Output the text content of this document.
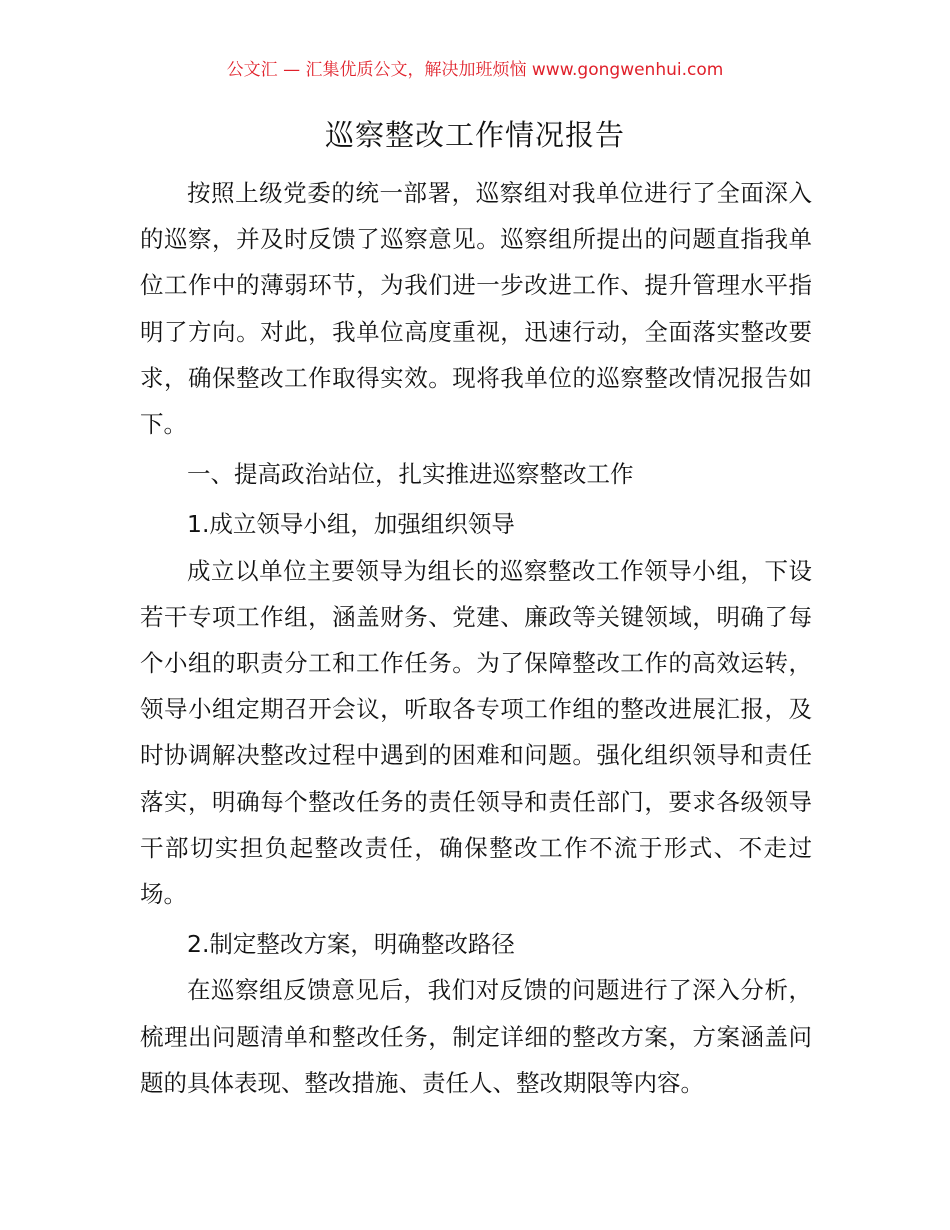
公文汇 — 汇集优质公文，解决加班烦恼 www.gongwenhui.com
巡察整改工作情况报告

按照上级党委的统一部署，巡察组对我单位进行了全面深入的巡察，并及时反馈了巡察意见。巡察组所提出的问题直指我单位工作中的薄弱环节，为我们进一步改进工作、提升管理水平指明了方向。对此，我单位高度重视，迅速行动，全面落实整改要求，确保整改工作取得实效。现将我单位的巡察整改情况报告如下。

一、提高政治站位，扎实推进巡察整改工作

1.成立领导小组，加强组织领导

成立以单位主要领导为组长的巡察整改工作领导小组，下设若干专项工作组，涵盖财务、党建、廉政等关键领域，明确了每个小组的职责分工和工作任务。为了保障整改工作的高效运转，领导小组定期召开会议，听取各专项工作组的整改进展汇报，及时协调解决整改过程中遇到的困难和问题。强化组织领导和责任落实，明确每个整改任务的责任领导和责任部门，要求各级领导干部切实担负起整改责任，确保整改工作不流于形式、不走过场。

2.制定整改方案，明确整改路径

在巡察组反馈意见后，我们对反馈的问题进行了深入分析，梳理出问题清单和整改任务，制定详细的整改方案，方案涵盖问题的具体表现、整改措施、责任人、整改期限等内容。
